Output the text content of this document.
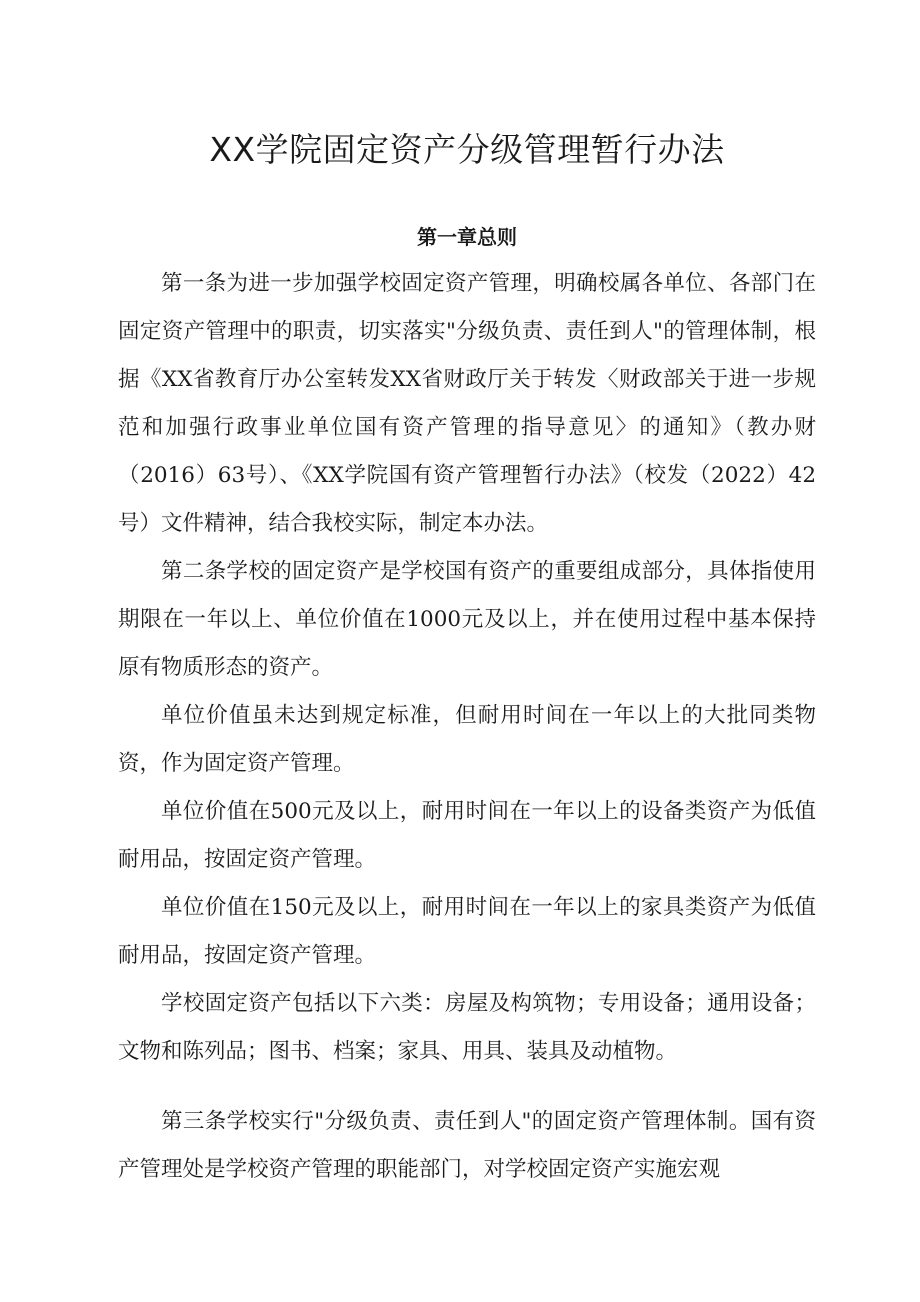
XX学院固定资产分级管理暂行办法
第一章总则

第一条为进一步加强学校固定资产管理，明确校属各单位、各部门在固定资产管理中的职责，切实落实"分级负责、责任到人"的管理体制，根据《XX省教育厅办公室转发XX省财政厅关于转发〈财政部关于进一步规范和加强行政事业单位国有资产管理的指导意见〉的通知》（教办财（2016）63号）、《XX学院国有资产管理暂行办法》（校发（2022）42号）文件精神，结合我校实际，制定本办法。

第二条学校的固定资产是学校国有资产的重要组成部分，具体指使用期限在一年以上、单位价值在1000元及以上，并在使用过程中基本保持原有物质形态的资产。

单位价值虽未达到规定标准，但耐用时间在一年以上的大批同类物资，作为固定资产管理。

单位价值在500元及以上，耐用时间在一年以上的设备类资产为低值耐用品，按固定资产管理。

单位价值在150元及以上，耐用时间在一年以上的家具类资产为低值耐用品，按固定资产管理。

学校固定资产包括以下六类：房屋及构筑物；专用设备；通用设备；文物和陈列品；图书、档案；家具、用具、装具及动植物。

第三条学校实行"分级负责、责任到人"的固定资产管理体制。国有资产管理处是学校资产管理的职能部门，对学校固定资产实施宏观
